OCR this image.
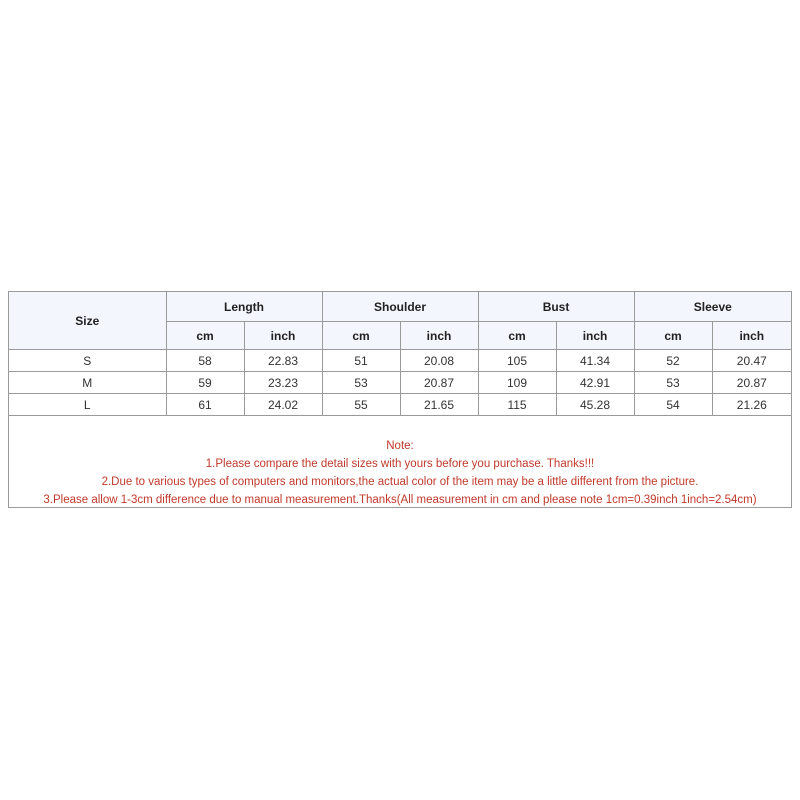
Size	Length		Shoulder		Bust		Sleeve	
	cm	inch	cm	inch	cm	inch	cm	inch
S	58	22.83	51	20.08	105	41.34	52	20.47
M	59	23.23	53	20.87	109	42.91	53	20.87
L	61	24.02	55	21.65	115	45.28	54	21.26
Note:
1.Please compare the detail sizes with yours before you purchase. Thanks!!!
2.Due to various types of computers and monitors,the actual color of the item may be a little different from the picture.
3.Please allow 1-3cm difference due to manual measurement.Thanks(All measurement in cm and please note 1cm=0.39inch 1inch=2.54cm)
